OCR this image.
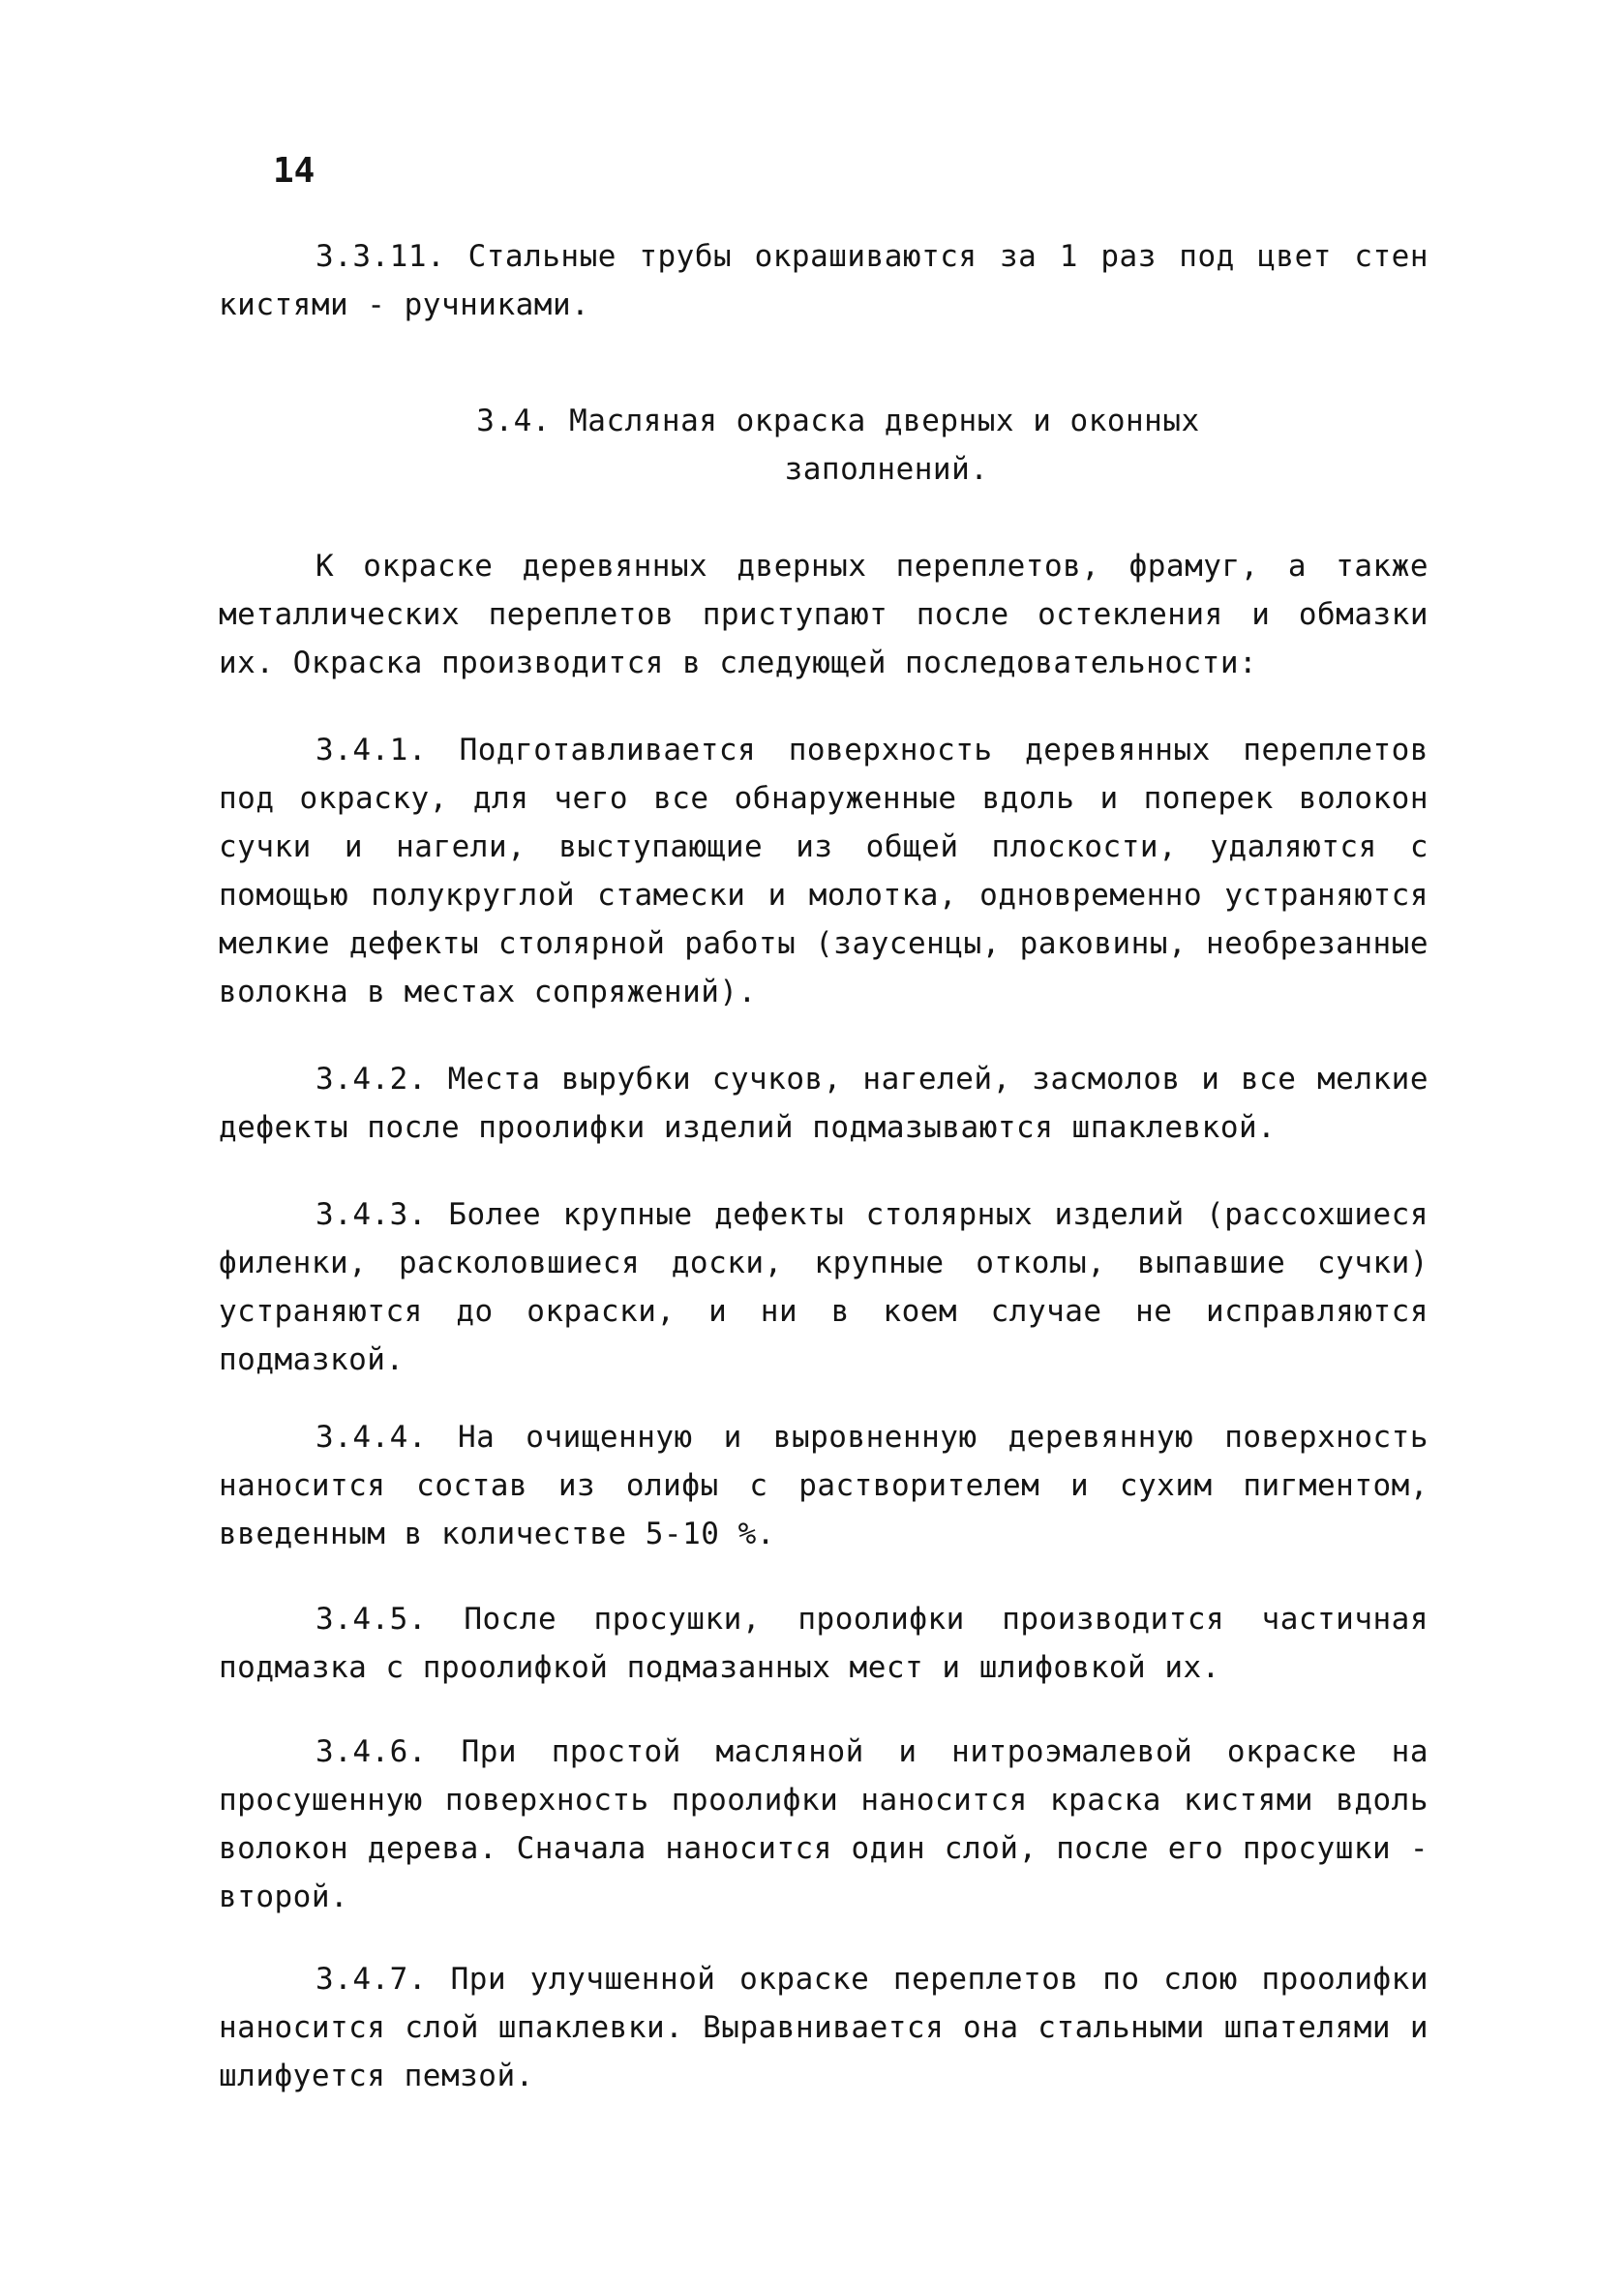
14

3.3.11. Стальные трубы окрашиваются за 1 раз под цвет стен кистями - ручниками.

3.4. Масляная окраска дверных и оконных
заполнений.

К окраске деревянных дверных переплетов, фрамуг, а также металлических переплетов приступают после остекления и обмазки их. Окраска производится в следующей последовательности:

3.4.1. Подготавливается поверхность деревянных переплетов под окраску, для чего все обнаруженные вдоль и поперек волокон сучки и нагели, выступающие из общей плоскости, удаляются с помощью полукруглой стамески и молотка, одновременно устраняются мелкие дефекты столярной работы (заусенцы, раковины, необрезанные волокна в местах сопряжений).

3.4.2. Места вырубки сучков, нагелей, засмолов и все мелкие дефекты после проолифки изделий подмазываются шпаклевкой.

3.4.3. Более крупные дефекты столярных изделий (рассохшиеся филенки, расколовшиеся доски, крупные отколы, выпавшие сучки) устраняются до окраски, и ни в коем случае не исправляются подмазкой.

3.4.4. На очищенную и выровненную деревянную поверхность наносится состав из олифы с растворителем и сухим пигментом, введенным в количестве 5-10 %.

3.4.5. После просушки, проолифки производится частичная подмазка с проолифкой подмазанных мест и шлифовкой их.

3.4.6. При простой масляной и нитроэмалевой окраске на просушенную поверхность проолифки наносится краска кистями вдоль волокон дерева. Сначала наносится один слой, после его просушки - второй.

3.4.7. При улучшенной окраске переплетов по слою проолифки наносится слой шпаклевки. Выравнивается она стальными шпателями и шлифуется пемзой.
